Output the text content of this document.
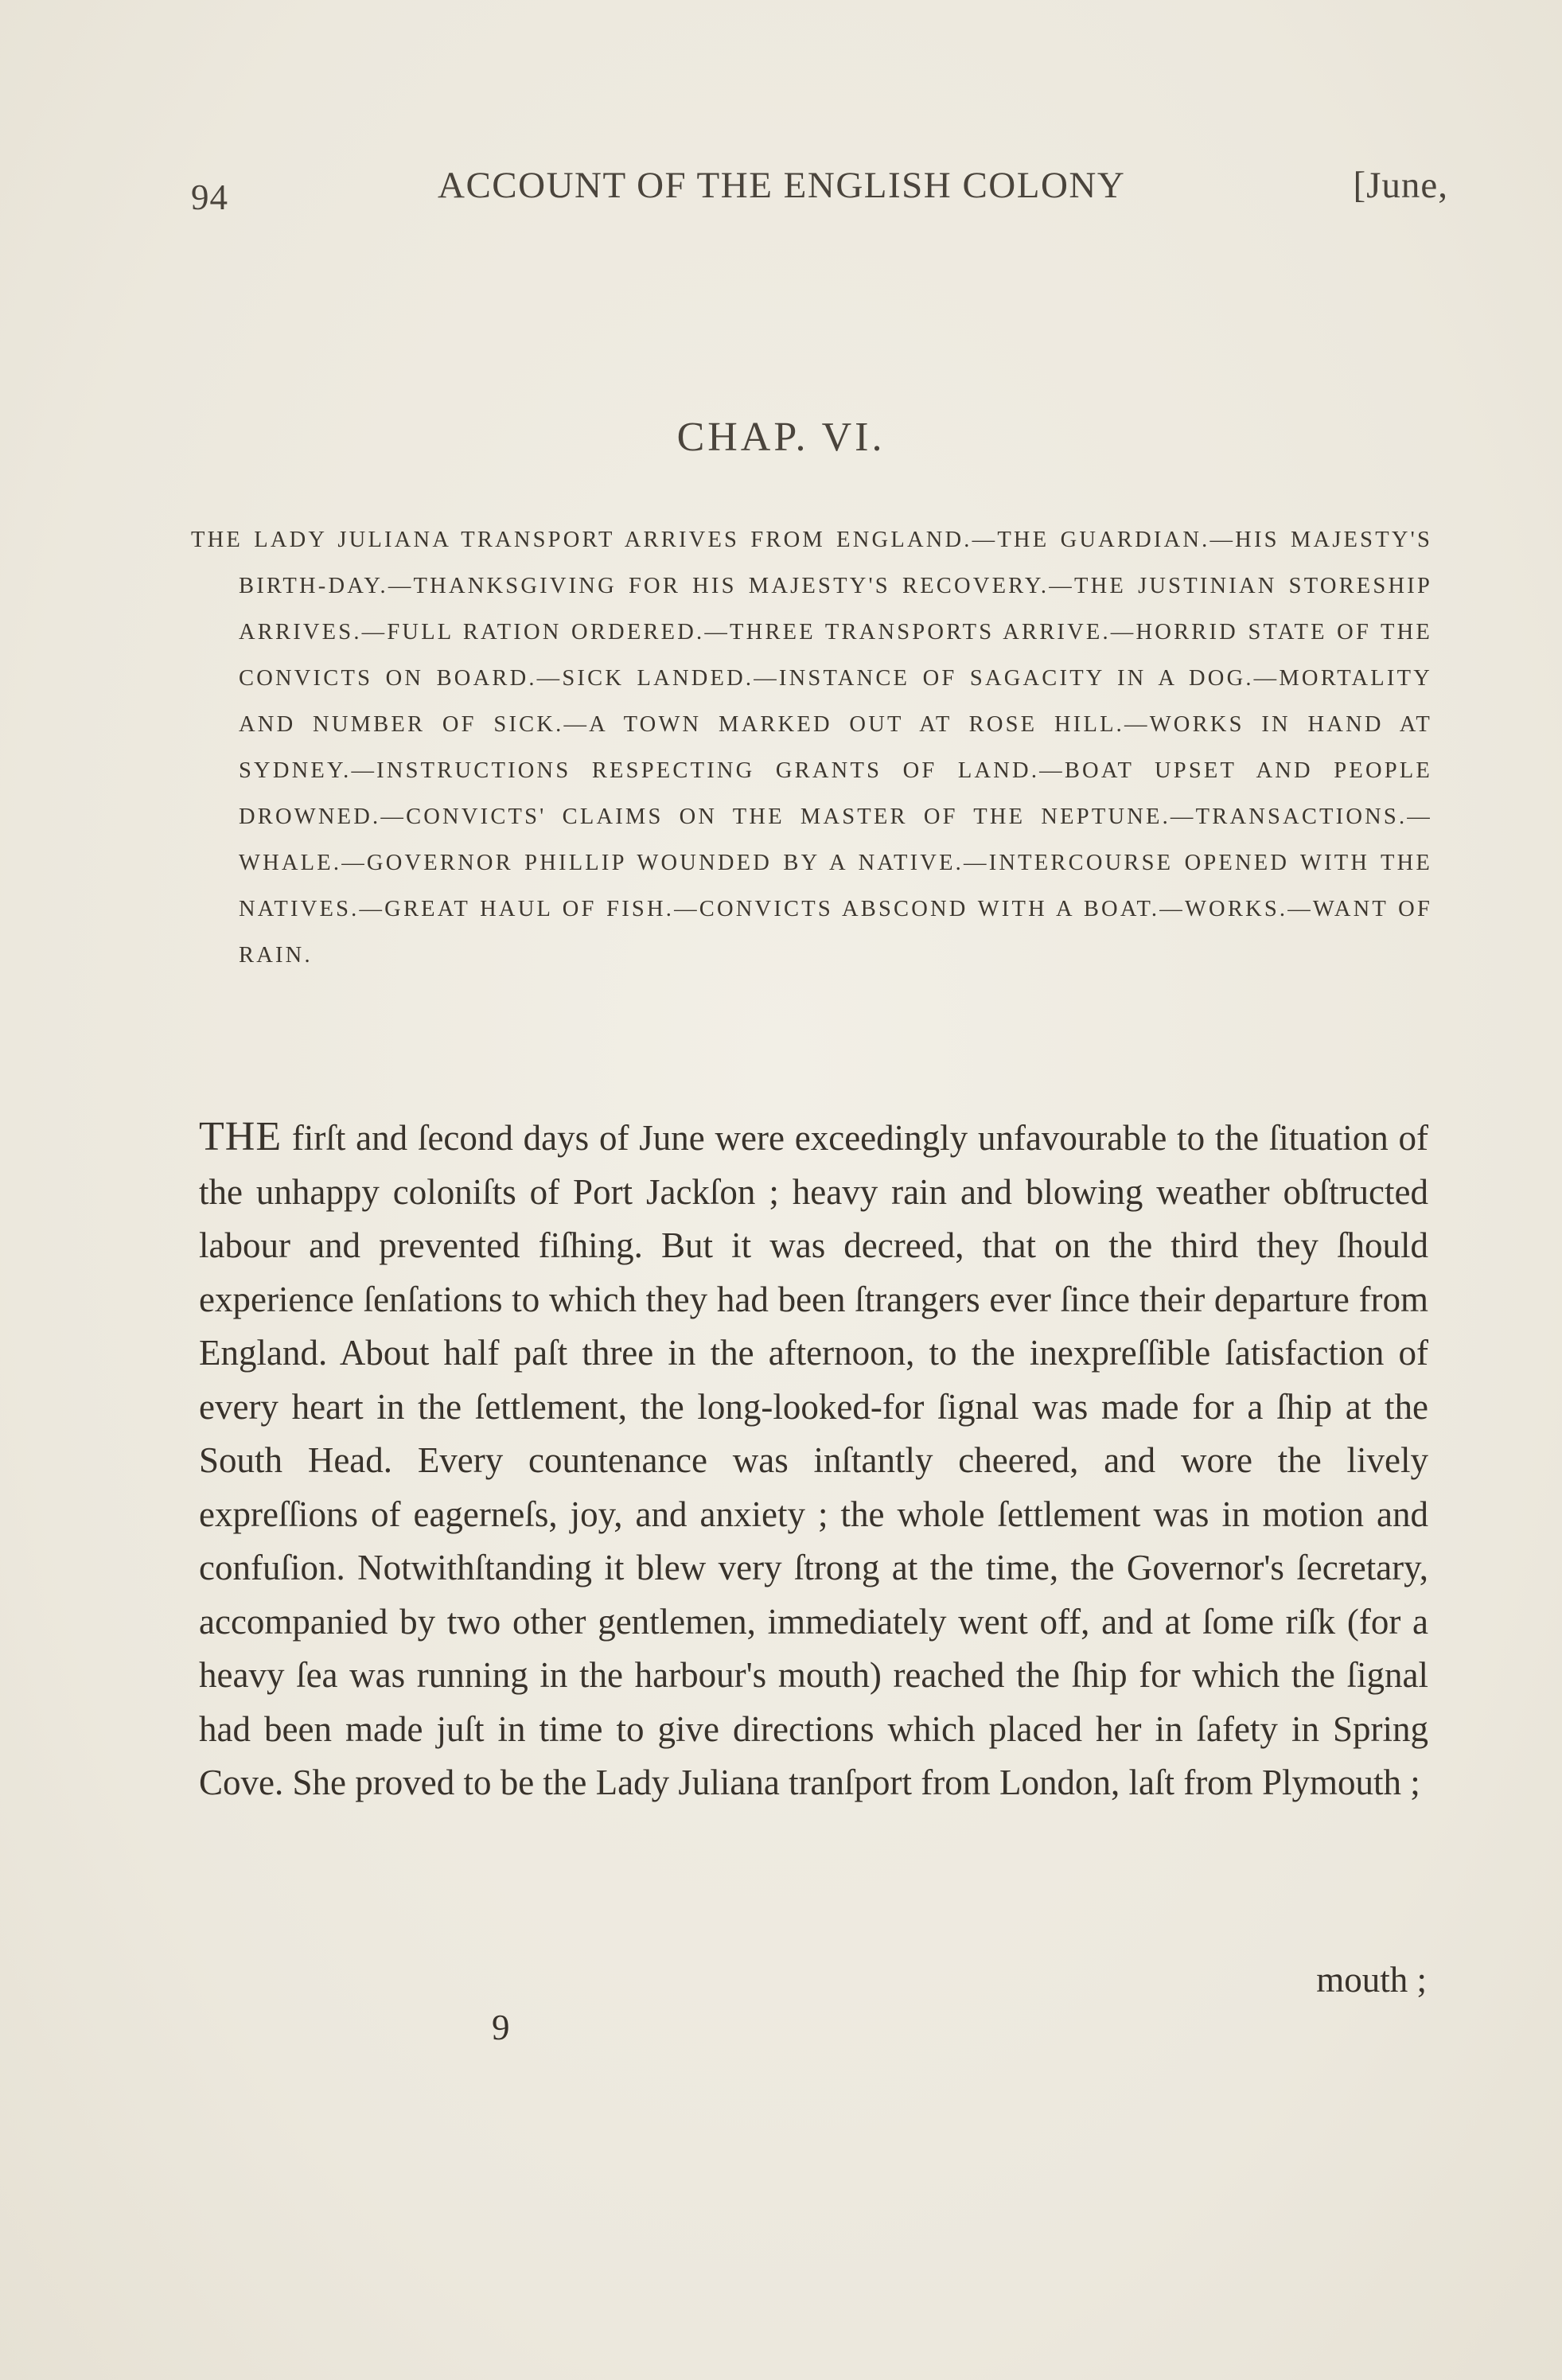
94	ACCOUNT OF THE ENGLISH COLONY	[June,
CHAP. VI.
THE LADY JULIANA TRANSPORT ARRIVES FROM ENGLAND.—THE GUARDIAN.—HIS MAJESTY'S BIRTH-DAY.—THANKSGIVING FOR HIS MAJESTY'S RECOVERY.—THE JUSTINIAN STORESHIP ARRIVES.—FULL RATION ORDERED.—THREE TRANSPORTS ARRIVE.—HORRID STATE OF THE CONVICTS ON BOARD.—SICK LANDED.—INSTANCE OF SAGACITY IN A DOG.—MORTALITY AND NUMBER OF SICK.—A TOWN MARKED OUT AT ROSE HILL.—WORKS IN HAND AT SYDNEY.—INSTRUCTIONS RESPECTING GRANTS OF LAND.—BOAT UPSET AND PEOPLE DROWNED.—CONVICTS' CLAIMS ON THE MASTER OF THE NEPTUNE.—TRANSACTIONS.—WHALE.—GOVERNOR PHILLIP WOUNDED BY A NATIVE.—INTERCOURSE OPENED WITH THE NATIVES.—GREAT HAUL OF FISH.—CONVICTS ABSCOND WITH A BOAT.—WORKS.—WANT OF RAIN.
THE firſt and ſecond days of June were exceedingly unfavourable to the ſituation of the unhappy coloniſts of Port Jackſon ; heavy rain and blowing weather obſtructed labour and prevented fiſhing. But it was decreed, that on the third they ſhould experience ſenſations to which they had been ſtrangers ever ſince their departure from England. About half paſt three in the afternoon, to the inexpreſſible ſatisfaction of every heart in the ſettlement, the long-looked-for ſignal was made for a ſhip at the South Head. Every countenance was inſtantly cheered, and wore the lively expreſſions of eagerneſs, joy, and anxiety ; the whole ſettlement was in motion and confuſion. Notwithſtanding it blew very ſtrong at the time, the Governor's ſecretary, accompanied by two other gentlemen, immediately went off, and at ſome riſk (for a heavy ſea was running in the harbour's mouth) reached the ſhip for which the ſignal had been made juſt in time to give directions which placed her in ſafety in Spring Cove. She proved to be the Lady Juliana tranſport from London, laſt from Plymouth ;
mouth ;
9
